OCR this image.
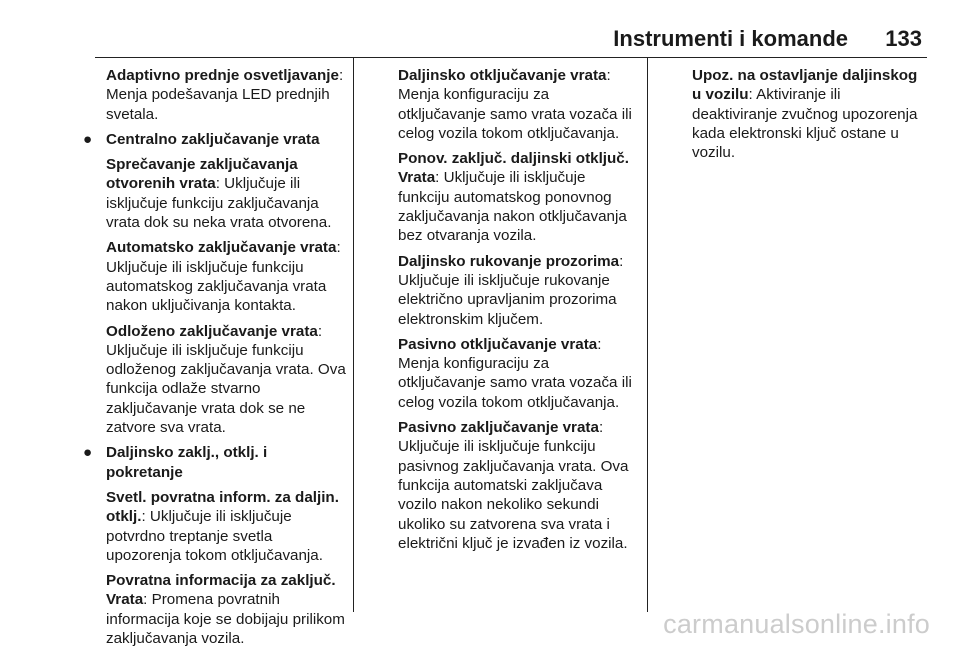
Instrumenti i komande 133

Adaptivno prednje osvetljavanje: Menja podešavanja LED prednjih svetala.

● Centralno zaključavanje vrata

Sprečavanje zaključavanja otvorenih vrata: Uključuje ili isključuje funkciju zaključavanja vrata dok su neka vrata otvorena.

Automatsko zaključavanje vrata: Uključuje ili isključuje funkciju automatskog zaključavanja vrata nakon uključivanja kontakta.

Odloženo zaključavanje vrata: Uključuje ili isključuje funkciju odloženog zaključavanja vrata. Ova funkcija odlaže stvarno zaključavanje vrata dok se ne zatvore sva vrata.

● Daljinsko zaklj., otklj. i pokretanje

Svetl. povratna inform. za daljin. otklj.: Uključuje ili isključuje potvrdno treptanje svetla upozorenja tokom otključavanja.

Povratna informacija za zaključ. Vrata: Promena povratnih informacija koje se dobijaju prilikom zaključavanja vozila.

Daljinsko otključavanje vrata: Menja konfiguraciju za otključavanje samo vrata vozača ili celog vozila tokom otključavanja.

Ponov. zaključ. daljinski otključ. Vrata: Uključuje ili isključuje funkciju automatskog ponovnog zaključavanja nakon otključavanja bez otvaranja vozila.

Daljinsko rukovanje prozorima: Uključuje ili isključuje rukovanje električno upravljanim prozorima elektronskim ključem.

Pasivno otključavanje vrata: Menja konfiguraciju za otključavanje samo vrata vozača ili celog vozila tokom otključavanja.

Pasivno zaključavanje vrata: Uključuje ili isključuje funkciju pasivnog zaključavanja vrata. Ova funkcija automatski zaključava vozilo nakon nekoliko sekundi ukoliko su zatvorena sva vrata i električni ključ je izvađen iz vozila.

Upoz. na ostavljanje daljinskog u vozilu: Aktiviranje ili deaktiviranje zvučnog upozorenja kada elektronski ključ ostane u vozilu.

carmanualsonline.info
